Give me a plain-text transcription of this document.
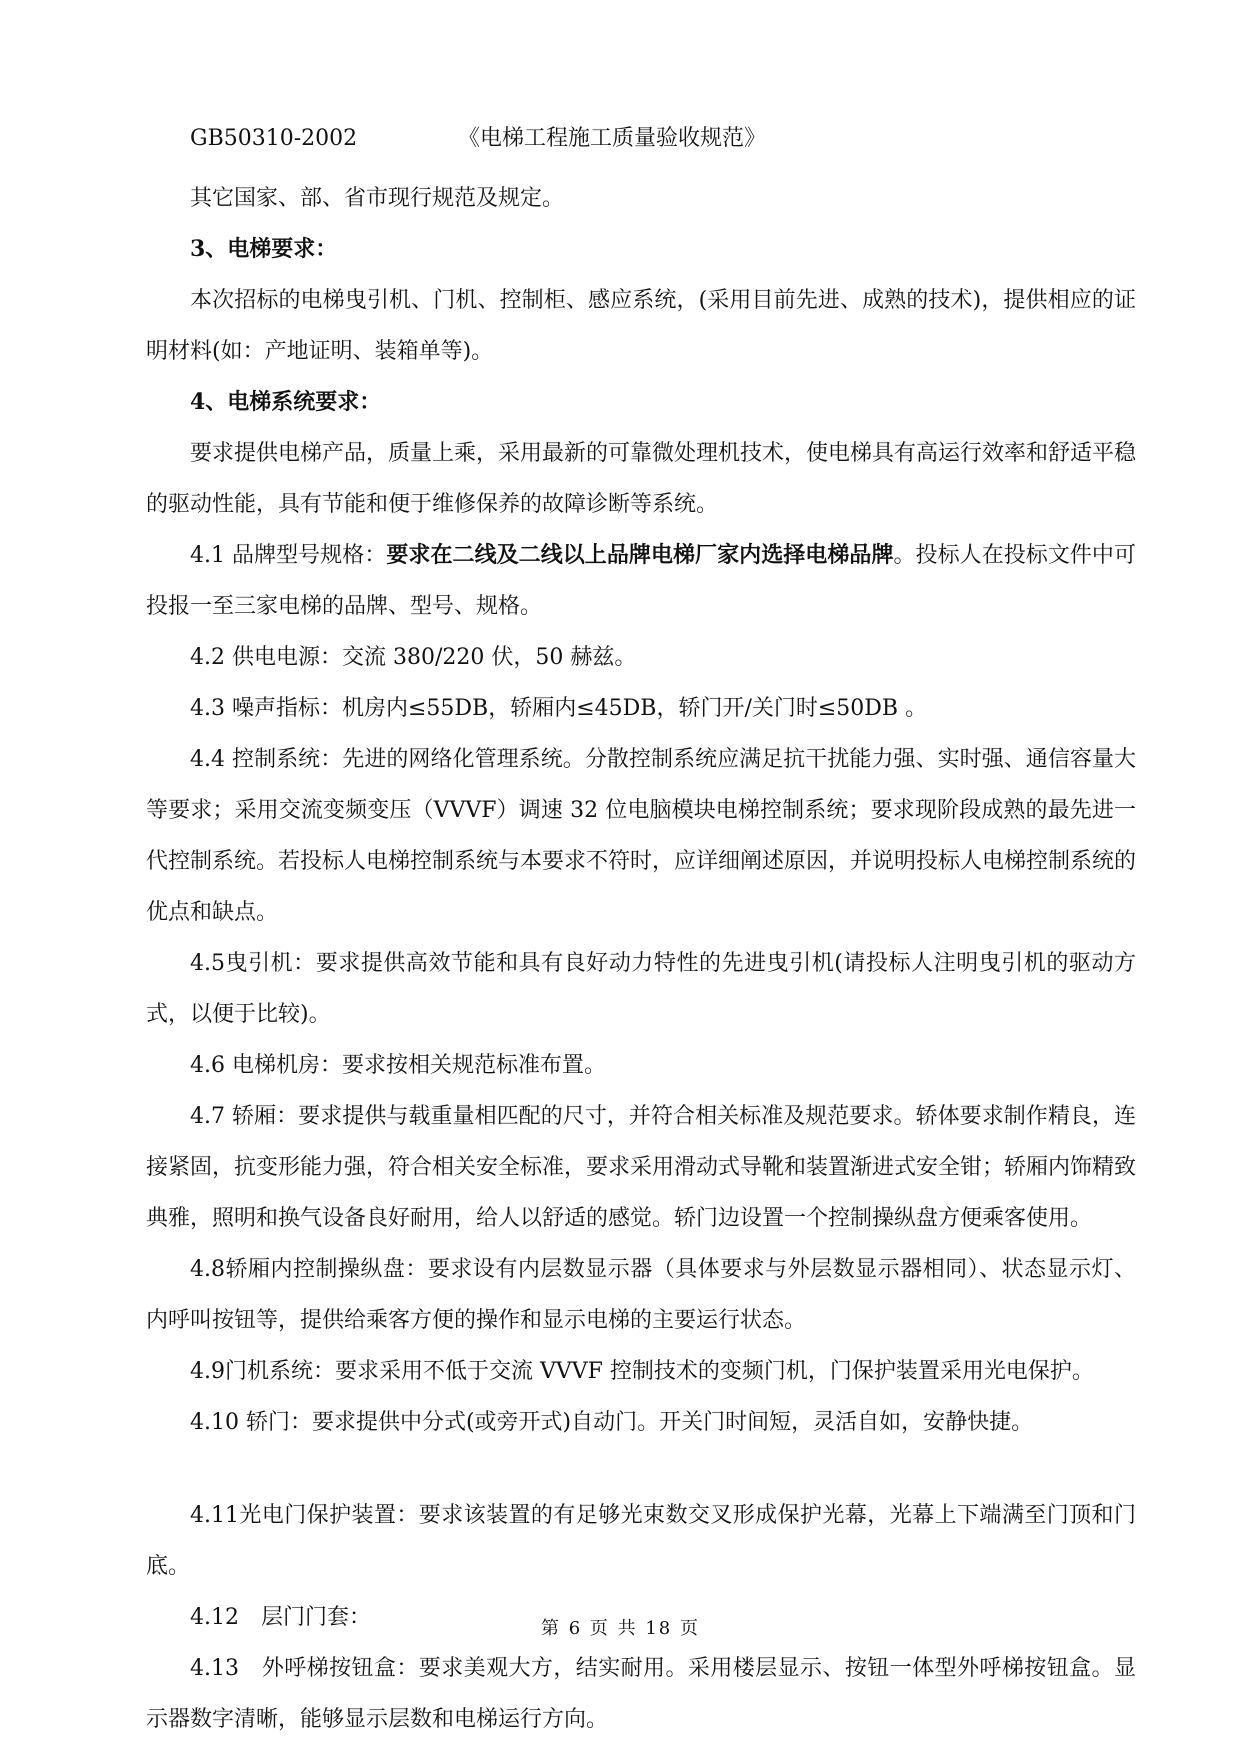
GB50310-2002	《电梯工程施工质量验收规范》

其它国家、部、省市现行规范及规定。

3、电梯要求：

本次招标的电梯曳引机、门机、控制柜、感应系统，(采用目前先进、成熟的技术)，提供相应的证明材料(如：产地证明、装箱单等)。

4、电梯系统要求：

要求提供电梯产品，质量上乘，采用最新的可靠微处理机技术，使电梯具有高运行效率和舒适平稳的驱动性能，具有节能和便于维修保养的故障诊断等系统。

4.1 品牌型号规格：要求在二线及二线以上品牌电梯厂家内选择电梯品牌。投标人在投标文件中可投报一至三家电梯的品牌、型号、规格。

4.2 供电电源：交流 380/220 伏，50 赫兹。

4.3 噪声指标：机房内≤55DB，轿厢内≤45DB，轿门开/关门时≤50DB 。

4.4 控制系统：先进的网络化管理系统。分散控制系统应满足抗干扰能力强、实时强、通信容量大等要求；采用交流变频变压（VVVF）调速 32 位电脑模块电梯控制系统；要求现阶段成熟的最先进一代控制系统。若投标人电梯控制系统与本要求不符时，应详细阐述原因，并说明投标人电梯控制系统的优点和缺点。

4.5曳引机：要求提供高效节能和具有良好动力特性的先进曳引机(请投标人注明曳引机的驱动方式，以便于比较)。

4.6 电梯机房：要求按相关规范标准布置。

4.7 轿厢：要求提供与载重量相匹配的尺寸，并符合相关标准及规范要求。轿体要求制作精良，连接紧固，抗变形能力强，符合相关安全标准，要求采用滑动式导靴和装置渐进式安全钳；轿厢内饰精致典雅，照明和换气设备良好耐用，给人以舒适的感觉。轿门边设置一个控制操纵盘方便乘客使用。

4.8轿厢内控制操纵盘：要求设有内层数显示器（具体要求与外层数显示器相同）、状态显示灯、内呼叫按钮等，提供给乘客方便的操作和显示电梯的主要运行状态。

4.9门机系统：要求采用不低于交流 VVVF 控制技术的变频门机，门保护装置采用光电保护。

4.10 轿门：要求提供中分式(或旁开式)自动门。开关门时间短，灵活自如，安静快捷。

4.11光电门保护装置：要求该装置的有足够光束数交叉形成保护光幕，光幕上下端满至门顶和门底。

4.12　层门门套：

4.13　外呼梯按钮盒：要求美观大方，结实耐用。采用楼层显示、按钮一体型外呼梯按钮盒。显示器数字清晰，能够显示层数和电梯运行方向。

第 6 页 共 18 页
